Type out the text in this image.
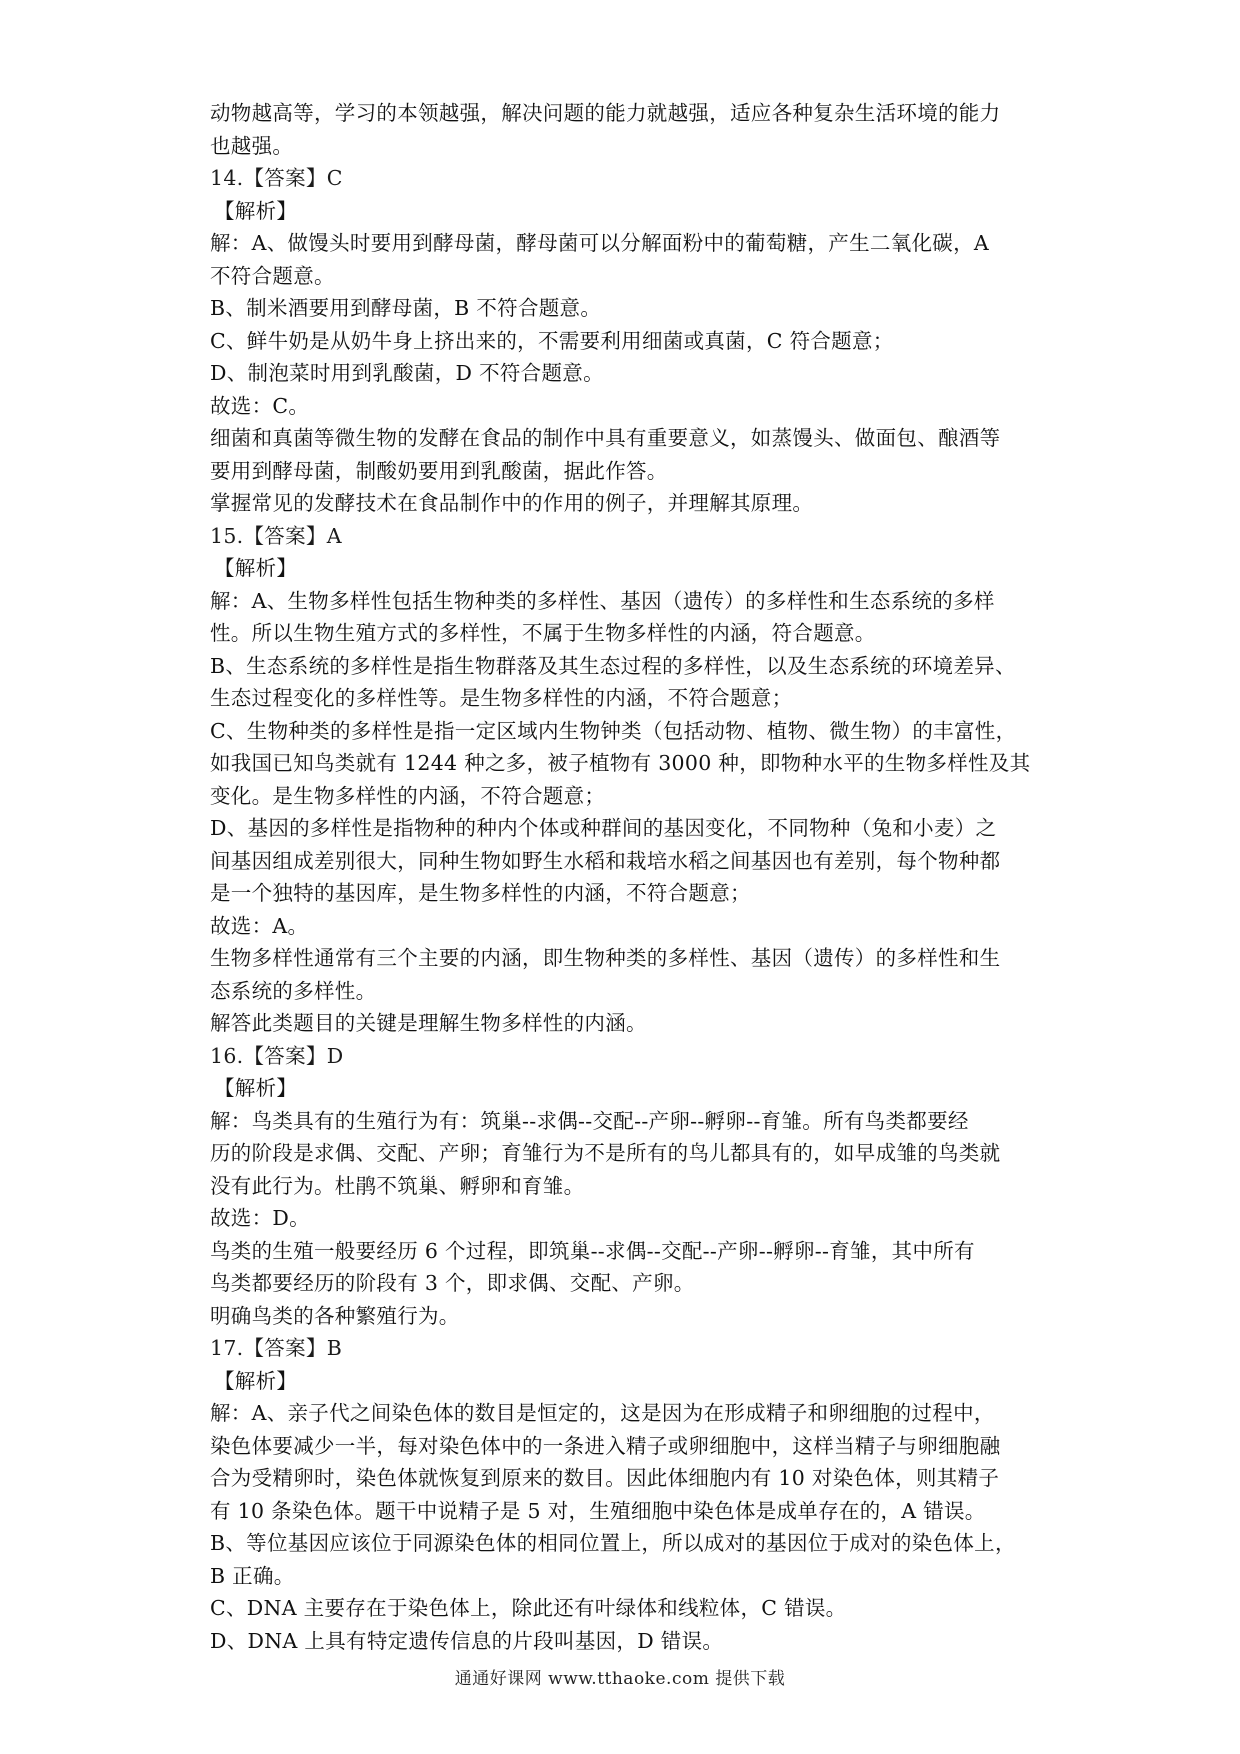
动物越高等，学习的本领越强，解决问题的能力就越强，适应各种复杂生活环境的能力
也越强。
14.【答案】C
【解析】
解：A、做馒头时要用到酵母菌，酵母菌可以分解面粉中的葡萄糖，产生二氧化碳，A
不符合题意。
B、制米酒要用到酵母菌，B 不符合题意。
C、鲜牛奶是从奶牛身上挤出来的，不需要利用细菌或真菌，C 符合题意；
D、制泡菜时用到乳酸菌，D 不符合题意。
故选：C。
细菌和真菌等微生物的发酵在食品的制作中具有重要意义，如蒸馒头、做面包、酿酒等
要用到酵母菌，制酸奶要用到乳酸菌，据此作答。
掌握常见的发酵技术在食品制作中的作用的例子，并理解其原理。
15.【答案】A
【解析】
解：A、生物多样性包括生物种类的多样性、基因（遗传）的多样性和生态系统的多样
性。所以生物生殖方式的多样性，不属于生物多样性的内涵，符合题意。
B、生态系统的多样性是指生物群落及其生态过程的多样性，以及生态系统的环境差异、
生态过程变化的多样性等。是生物多样性的内涵，不符合题意；
C、生物种类的多样性是指一定区域内生物钟类（包括动物、植物、微生物）的丰富性，
如我国已知鸟类就有 1244 种之多，被子植物有 3000 种，即物种水平的生物多样性及其
变化。是生物多样性的内涵，不符合题意；
D、基因的多样性是指物种的种内个体或种群间的基因变化，不同物种（兔和小麦）之
间基因组成差别很大，同种生物如野生水稻和栽培水稻之间基因也有差别，每个物种都
是一个独特的基因库，是生物多样性的内涵，不符合题意；
故选：A。
生物多样性通常有三个主要的内涵，即生物种类的多样性、基因（遗传）的多样性和生
态系统的多样性。
解答此类题目的关键是理解生物多样性的内涵。
16.【答案】D
【解析】
解：鸟类具有的生殖行为有：筑巢--求偶--交配--产卵--孵卵--育雏。所有鸟类都要经
历的阶段是求偶、交配、产卵；育雏行为不是所有的鸟儿都具有的，如早成雏的鸟类就
没有此行为。杜鹃不筑巢、孵卵和育雏。
故选：D。
鸟类的生殖一般要经历 6 个过程，即筑巢--求偶--交配--产卵--孵卵--育雏，其中所有
鸟类都要经历的阶段有 3 个，即求偶、交配、产卵。
明确鸟类的各种繁殖行为。
17.【答案】B
【解析】
解：A、亲子代之间染色体的数目是恒定的，这是因为在形成精子和卵细胞的过程中，
染色体要减少一半，每对染色体中的一条进入精子或卵细胞中，这样当精子与卵细胞融
合为受精卵时，染色体就恢复到原来的数目。因此体细胞内有 10 对染色体，则其精子
有 10 条染色体。题干中说精子是 5 对，生殖细胞中染色体是成单存在的，A 错误。
B、等位基因应该位于同源染色体的相同位置上，所以成对的基因位于成对的染色体上，
B 正确。
C、DNA 主要存在于染色体上，除此还有叶绿体和线粒体，C 错误。
D、DNA 上具有特定遗传信息的片段叫基因，D 错误。
通通好课网 www.tthaoke.com 提供下载
